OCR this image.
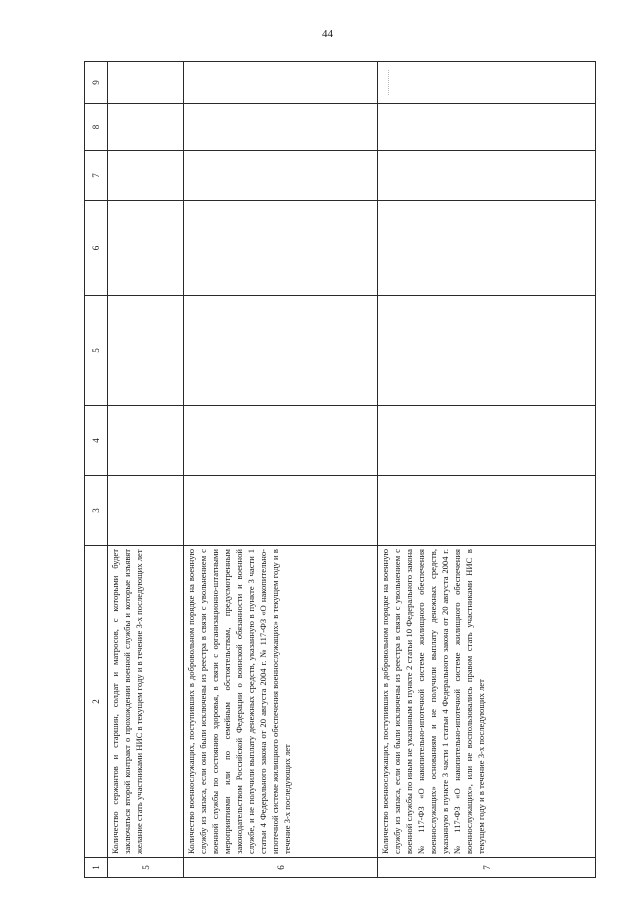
44
1	2	3	4	5	6	7	8	9
5	Количество сержантов и старшин, солдат и матросов, с которыми будет заключаться второй контракт о прохождении военной службы и которые изъявят желание стать участниками НИС в текущем году и в течение 3-х последующих лет							
6	Количество военнослужащих, поступивших в добровольном порядке на военную службу из запаса, если они были исключены из реестра в связи с увольнением с военной службы по состоянию здоровья, в связи с организационно-штатными мероприятиями или по семейным обстоятельствам, предусмотренным законодательством Российской Федерации о воинской обязанности и военной службе, и не получили выплату денежных средств, указанную в пункте 3 части 1 статьи 4 Федерального закона от 20 августа 2004 г. № 117-ФЗ «О накопительно-ипотечной системе жилищного обеспечения военнослужащих» в текущем году и в течение 3-х последующих лет							
7	Количество военнослужащих, поступивших в добровольном порядке на военную службу из запаса, если они были исключены из реестра в связи с увольнением с военной службы по иным не указанным в пункте 2 статьи 10 Федерального закона № 117-ФЗ «О накопительно-ипотечной системе жилищного обеспечения военнослужащих» основаниям и не получили выплату денежных средств, указанную в пункте 3 части 1 статьи 4 Федерального закона от 20 августа 2004 г. № 117-ФЗ «О накопительно-ипотечной системе жилищного обеспечения военнослужащих», или не воспользовались правом стать участниками НИС в текущем году и в течение 3-х последующих лет							
